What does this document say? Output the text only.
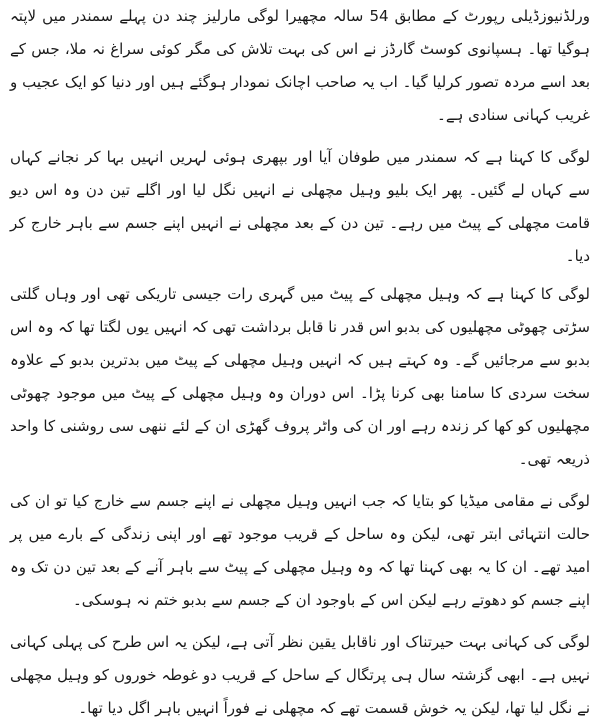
ورلڈنیوزڈیلی رپورٹ کے مطابق 54 سالہ مچھیرا لوگی مارلیز چند دن پہلے سمندر میں لاپتہ ہوگیا تھا۔ ہسپانوی کوسٹ گارڈز نے اس کی بہت تلاش کی مگر کوئی سراغ نہ ملا، جس کے بعد اسے مردہ تصور کرلیا گیا۔ اب یہ صاحب اچانک نمودار ہوگئے ہیں اور دنیا کو ایک عجیب و غریب کہانی سنادی ہے۔

لوگی کا کہنا ہے کہ سمندر میں طوفان آیا اور بپھری ہوئی لہریں انہیں بہا کر نجانے کہاں سے کہاں لے گئیں۔ پھر ایک بلیو وہیل مچھلی نے انہیں نگل لیا اور اگلے تین دن وہ اس دیو قامت مچھلی کے پیٹ میں رہے۔ تین دن کے بعد مچھلی نے انہیں اپنے جسم سے باہر خارج کر دیا۔

لوگی کا کہنا ہے کہ وہیل مچھلی کے پیٹ میں گہری رات جیسی تاریکی تھی اور وہاں گلتی سڑتی چھوٹی مچھلیوں کی بدبو اس قدر نا قابل برداشت تھی کہ انہیں یوں لگتا تھا کہ وہ اس بدبو سے مرجائیں گے۔ وہ کہتے ہیں کہ انہیں وہیل مچھلی کے پیٹ میں بدترین بدبو کے علاوہ سخت سردی کا سامنا بھی کرنا پڑا۔ اس دوران وہ وہیل مچھلی کے پیٹ میں موجود چھوٹی مچھلیوں کو کھا کر زندہ رہے اور ان کی واٹر پروف گھڑی ان کے لئے ننھی سی روشنی کا واحد ذریعہ تھی۔

لوگی نے مقامی میڈیا کو بتایا کہ جب انہیں وہیل مچھلی نے اپنے جسم سے خارج کیا تو ان کی حالت انتہائی ابتر تھی، لیکن وہ ساحل کے قریب موجود تھے اور اپنی زندگی کے بارے میں پر امید تھے۔ ان کا یہ بھی کہنا تھا کہ وہ وہیل مچھلی کے پیٹ سے باہر آنے کے بعد تین دن تک وہ اپنے جسم کو دھوتے رہے لیکن اس کے باوجود ان کے جسم سے بدبو ختم نہ ہوسکی۔

لوگی کی کہانی بہت حیرتناک اور ناقابل یقین نظر آتی ہے، لیکن یہ اس طرح کی پہلی کہانی نہیں ہے۔ ابھی گزشتہ سال ہی پرتگال کے ساحل کے قریب دو غوطہ خوروں کو وہیل مچھلی نے نگل لیا تھا، لیکن یہ خوش قسمت تھے کہ مچھلی نے فوراً انہیں باہر اگل دیا تھا۔
